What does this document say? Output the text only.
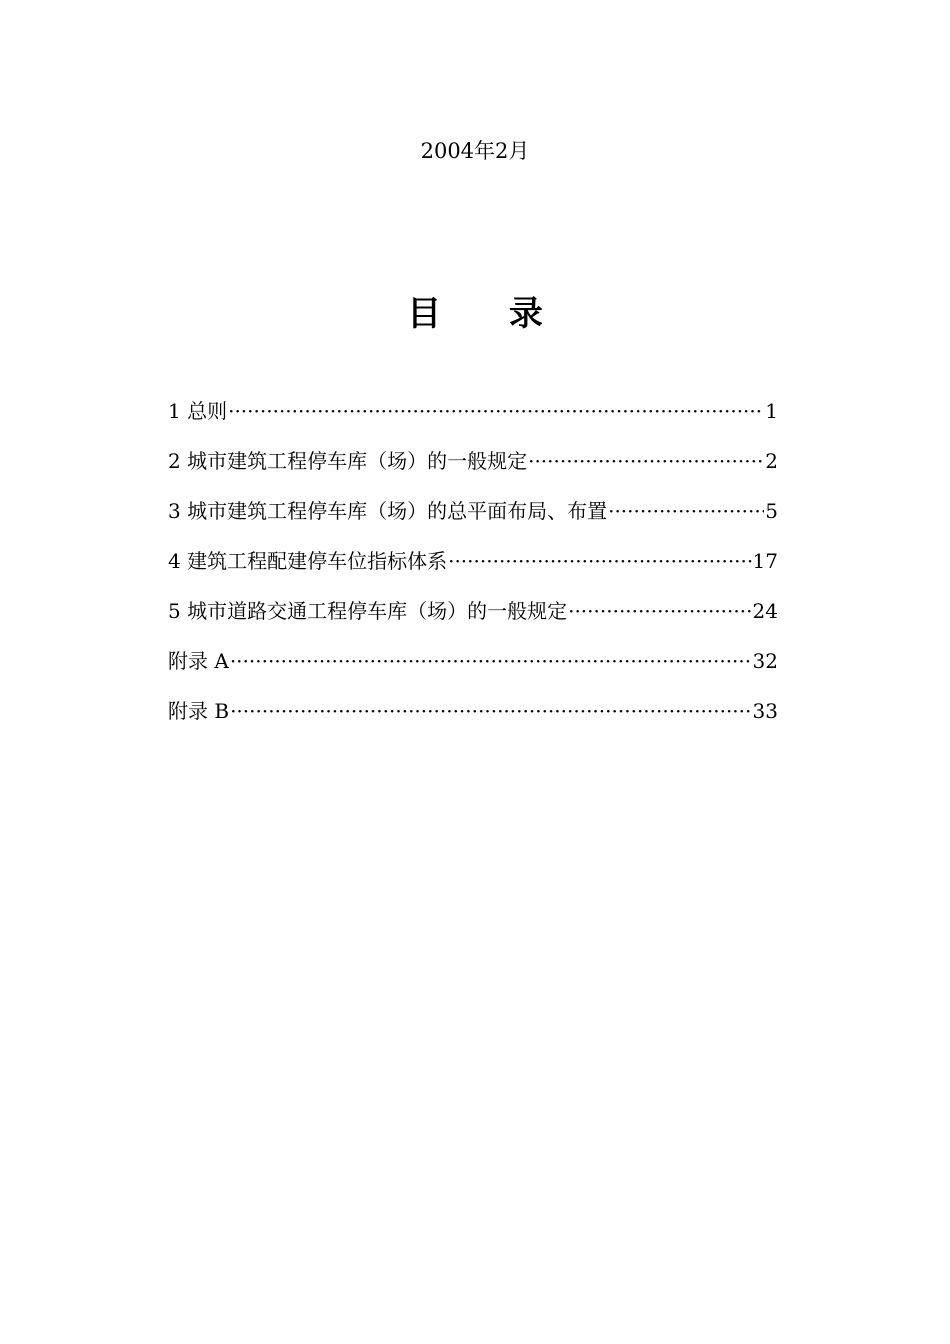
2004年2月
目 录
1 总则 ·····	1
2 城市建筑工程停车库（场）的一般规定 ·····	2
3 城市建筑工程停车库（场）的总平面布局、布置 ·····	5
4 建筑工程配建停车位指标体系 ·····	17
5 城市道路交通工程停车库（场）的一般规定 ·····	24
附录 A ·····	32
附录 B ·····	33
